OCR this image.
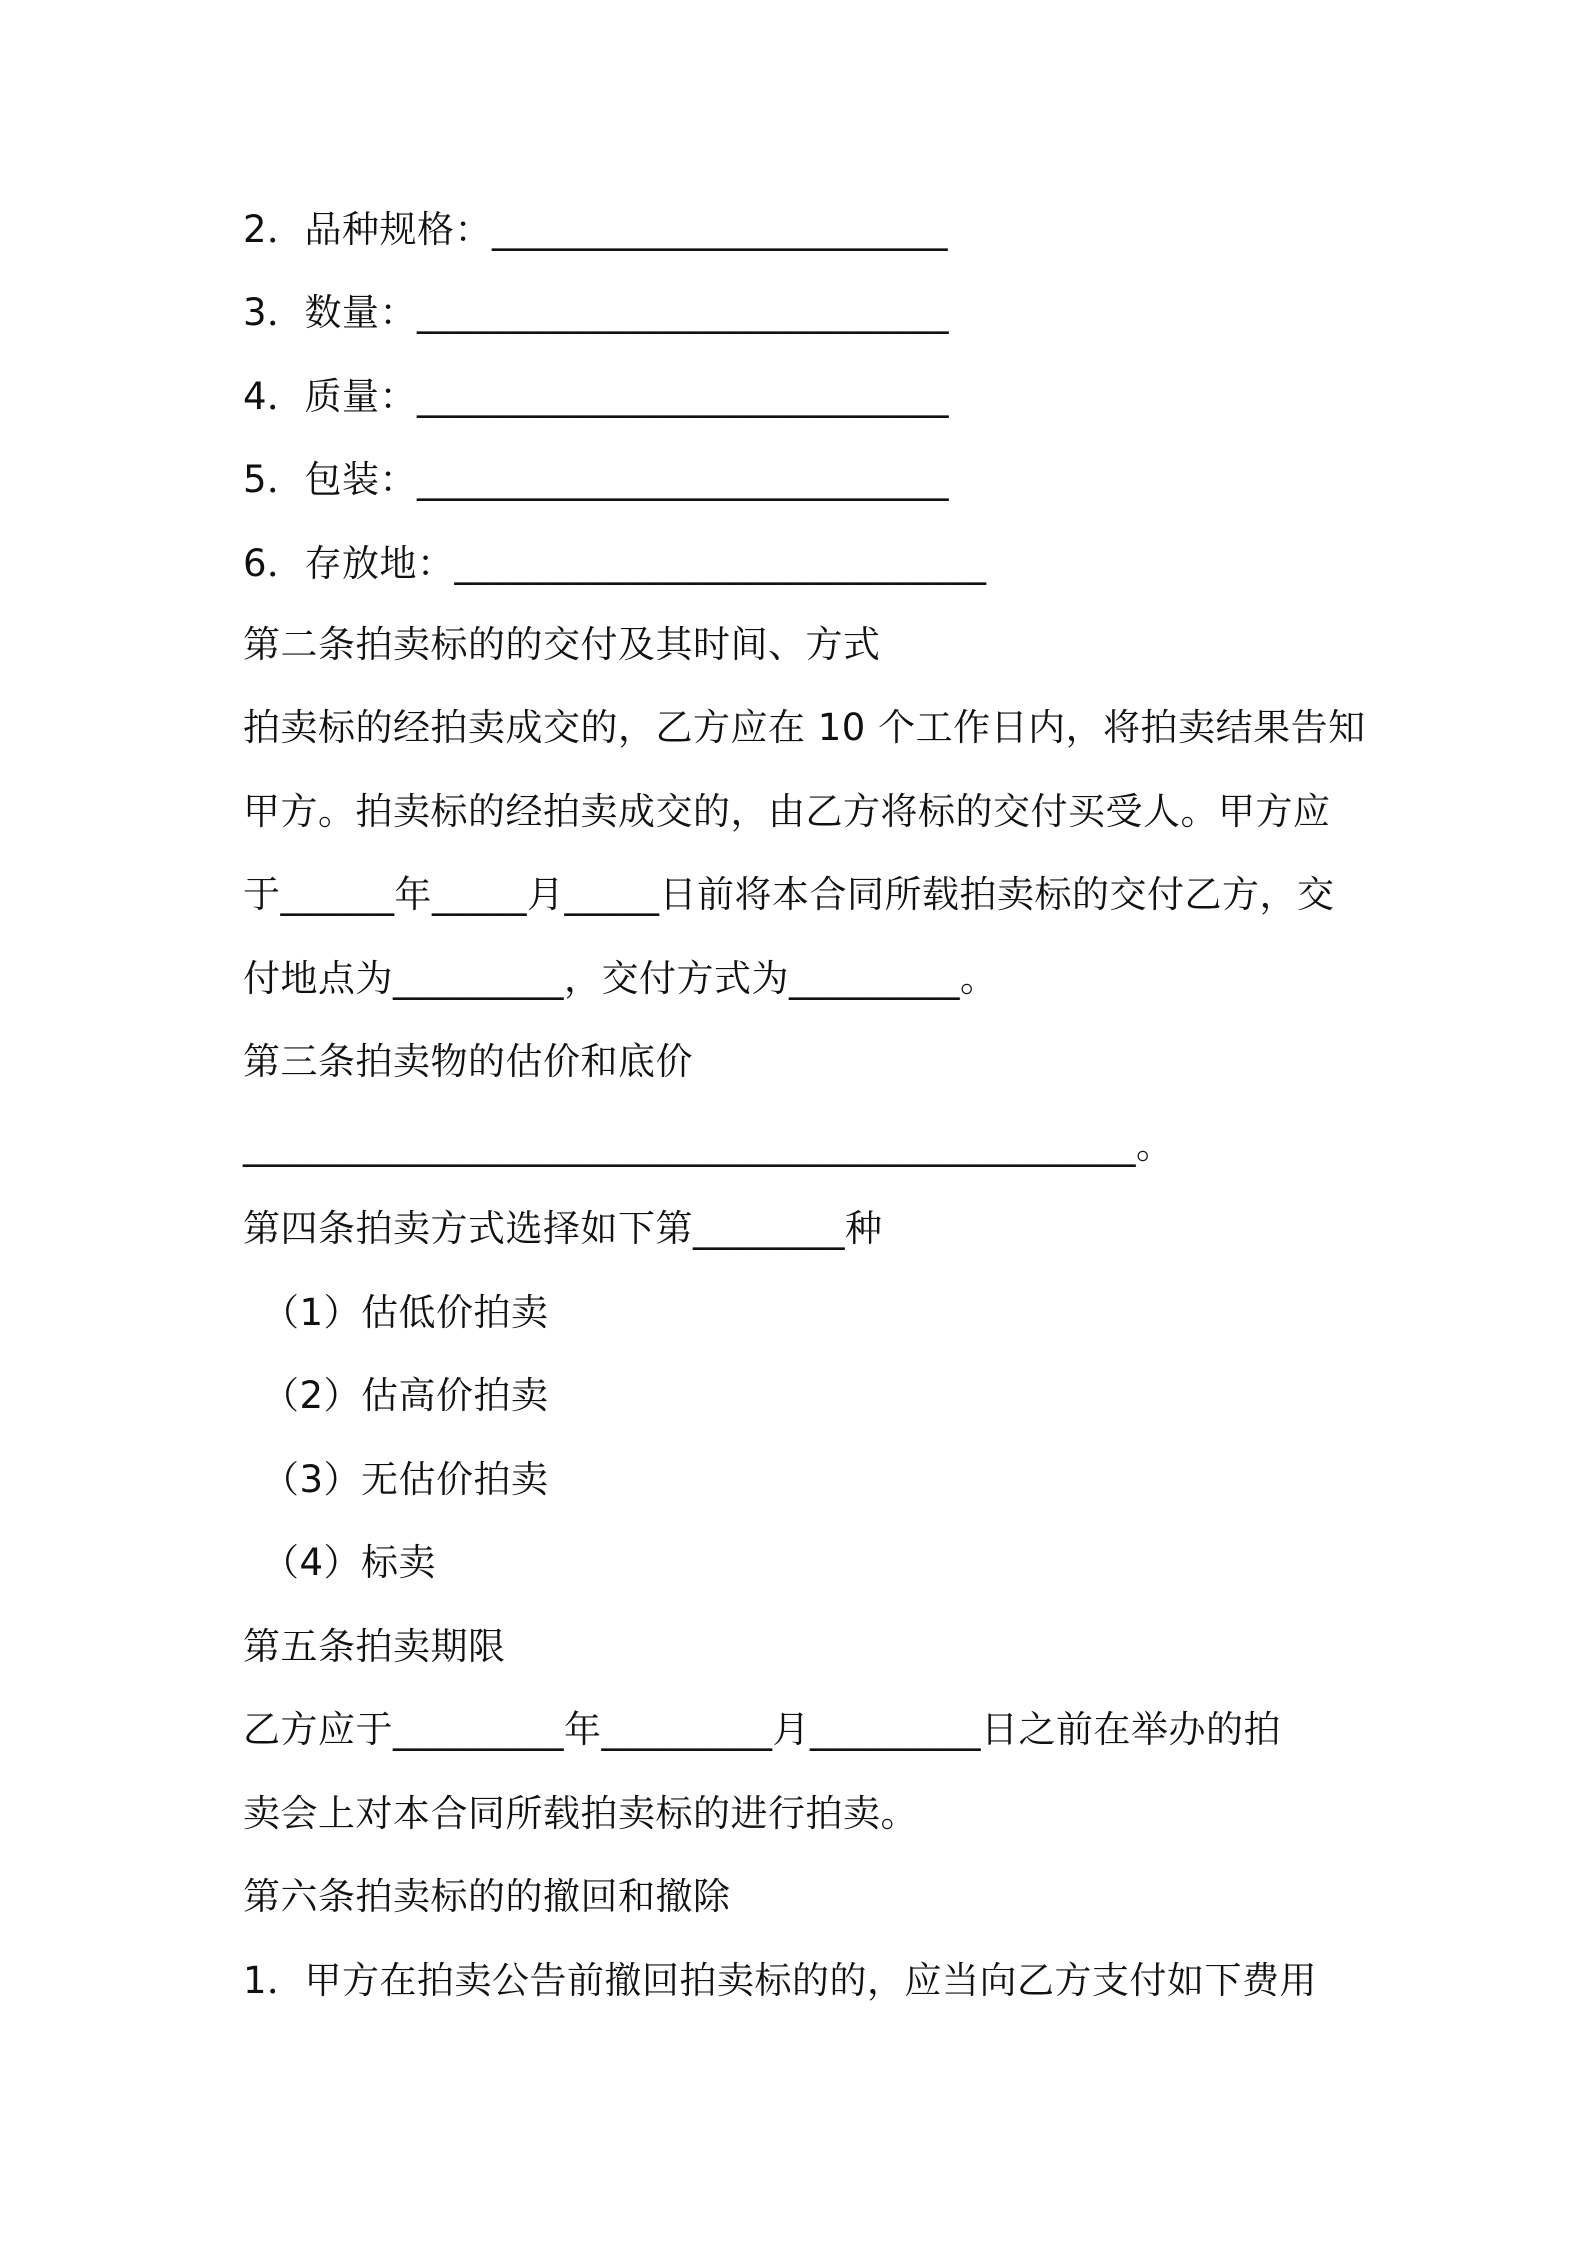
2．品种规格：________________________
3．数量：____________________________
4．质量：____________________________
5．包装：____________________________
6．存放地：____________________________
第二条拍卖标的的交付及其时间、方式
拍卖标的经拍卖成交的，乙方应在 10 个工作日内，将拍卖结果告知
甲方。拍卖标的经拍卖成交的，由乙方将标的交付买受人。甲方应
于______年_____月_____日前将本合同所载拍卖标的交付乙方，交
付地点为_________，交付方式为_________。
第三条拍卖物的估价和底价
_______________________________________________。
第四条拍卖方式选择如下第________种
（1）估低价拍卖
（2）估高价拍卖
（3）无估价拍卖
（4）标卖
第五条拍卖期限
乙方应于_________年_________月_________日之前在举办的拍
卖会上对本合同所载拍卖标的进行拍卖。
第六条拍卖标的的撤回和撤除
1．甲方在拍卖公告前撤回拍卖标的的，应当向乙方支付如下费用
